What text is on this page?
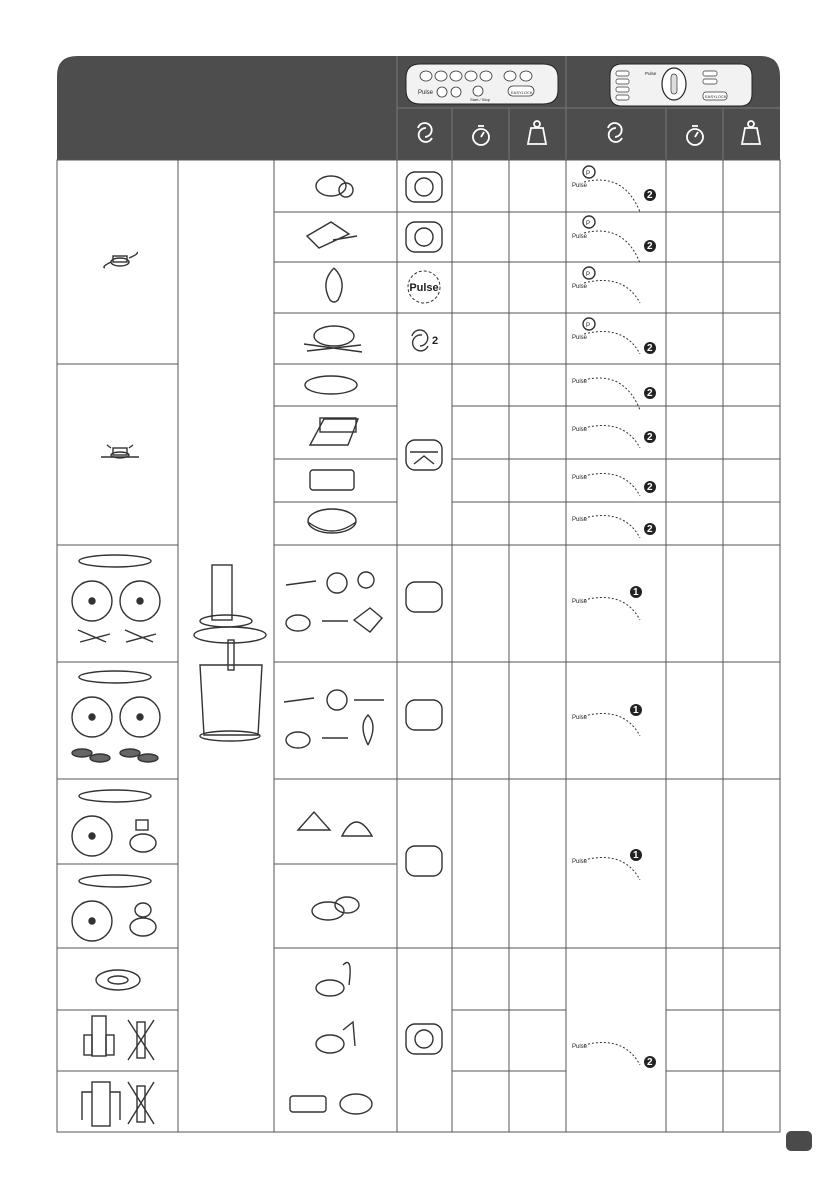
Pulse
Start / Stop
EASYLOCK
Pulse
EASYLOCK
Pulse
2
P
P
P
P
Pulse
Pulse
Pulse
Pulse
Pulse
Pulse
Pulse
Pulse
Pulse
Pulse
Pulse
Pulse
2
2
2
2
2
2
2
1
1
1
2
